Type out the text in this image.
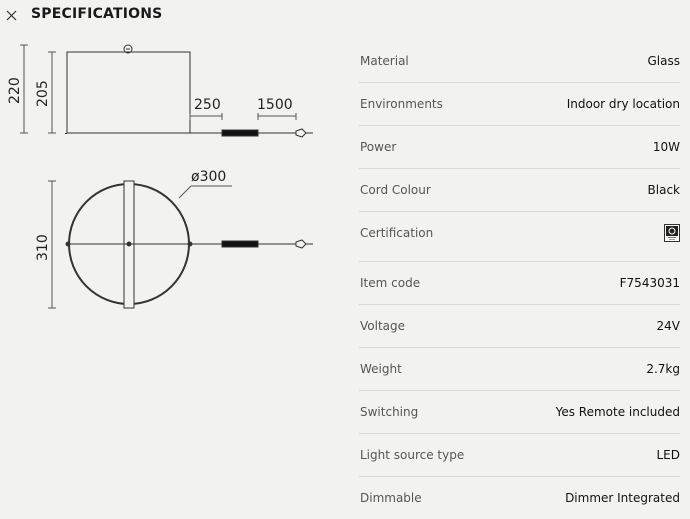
SPECIFICATIONS
220 205	250	1500
310
ø300
Material	Glass
Environments	Indoor dry location
Power	10W
Cord Colour	Black
Certification
Item code	F7543031
Voltage	24V
Weight	2.7kg
Switching	Yes Remote included
Light source type	LED
Dimmable	Dimmer Integrated
